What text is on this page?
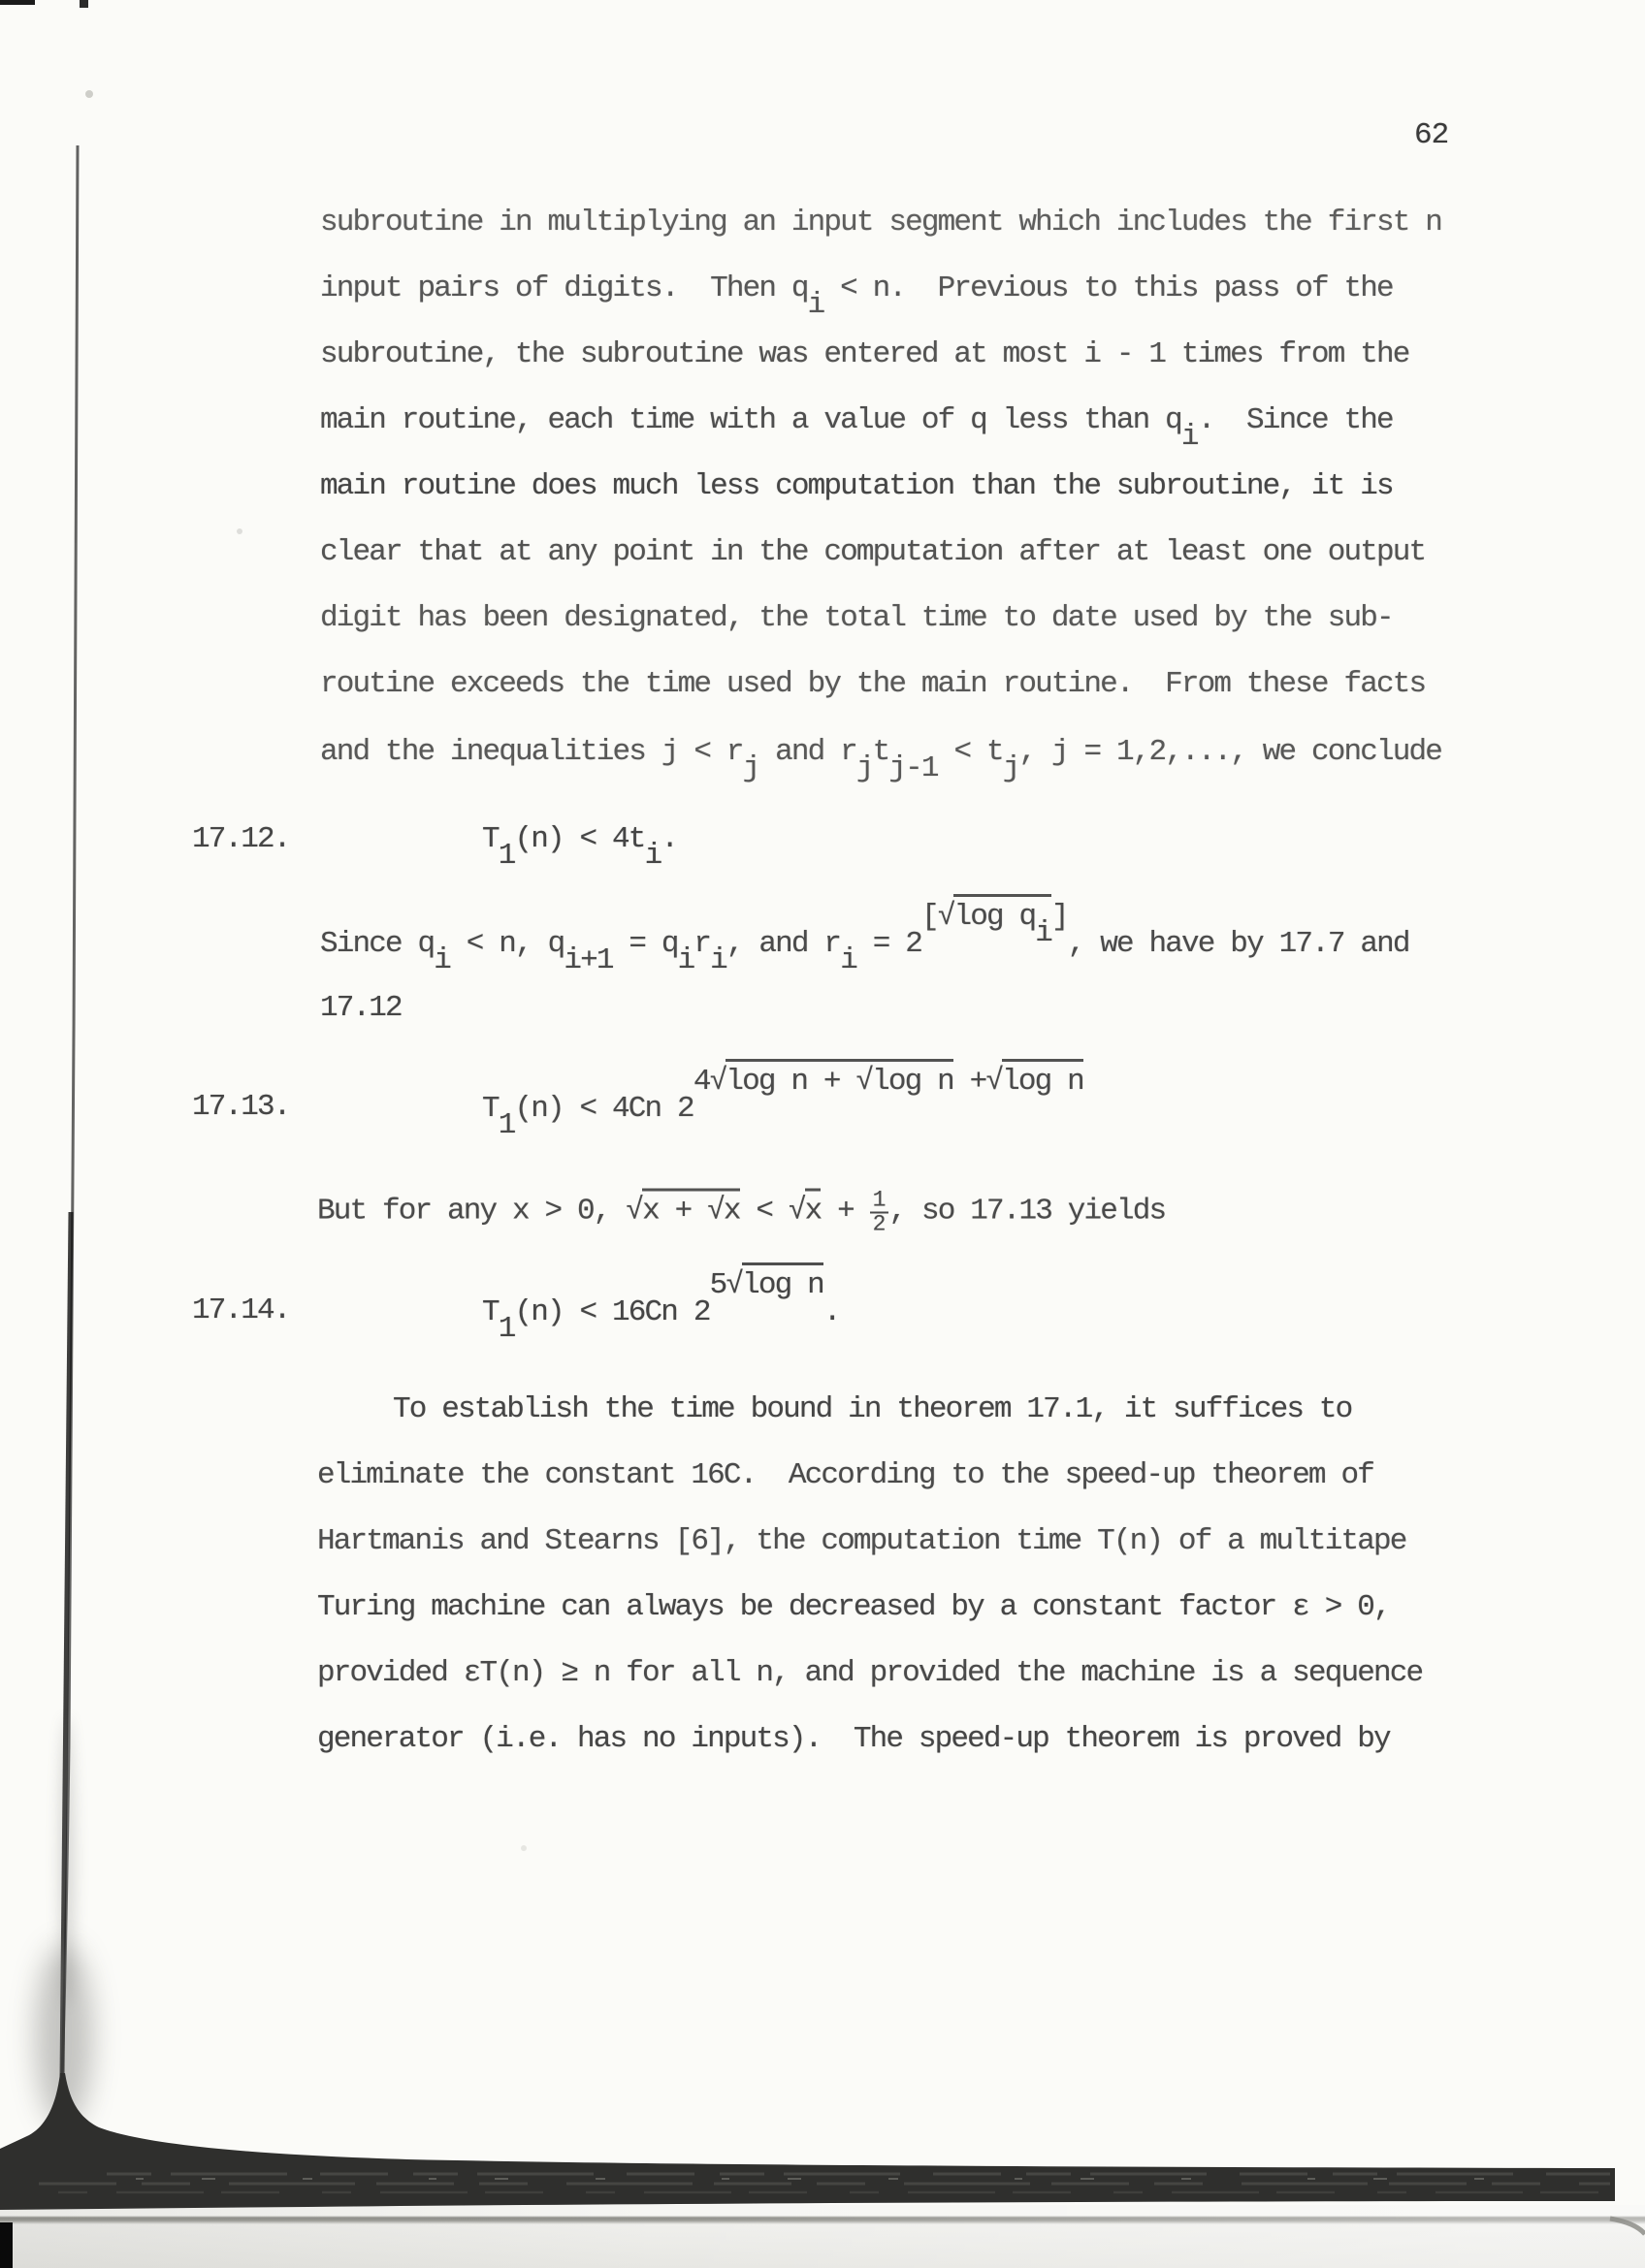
62
subroutine in multiplying an input segment which includes the first n
input pairs of digits.  Then qi < n.  Previous to this pass of the
subroutine, the subroutine was entered at most i - 1 times from the
main routine, each time with a value of q less than qi.  Since the
main routine does much less computation than the subroutine, it is
clear that at any point in the computation after at least one output
digit has been designated, the total time to date used by the sub-
routine exceeds the time used by the main routine.  From these facts
and the inequalities j < rj and rjtj-1 < tj, j = 1,2,..., we conclude
17.12.	T1(n) < 4ti.
Since qi < n, qi+1 = qiri, and ri = 2[√log qi], we have by 17.7 and
17.12
17.13.	T1(n) < 4Cn 24√log n + √log n +√log n
But for any x > 0, $√x + √x < √x + \frac{1}{2}$ , so 17.13 yields
17.14.	T1(n) < 16Cn 25√log n.
To establish the time bound in theorem 17.1, it suffices to
eliminate the constant 16C.  According to the speed-up theorem of
Hartmanis and Stearns [6], the computation time T(n) of a multitape
Turing machine can always be decreased by a constant factor ε > 0,
provided εT(n) ≥ n for all n, and provided the machine is a sequence
generator (i.e. has no inputs).  The speed-up theorem is proved by
